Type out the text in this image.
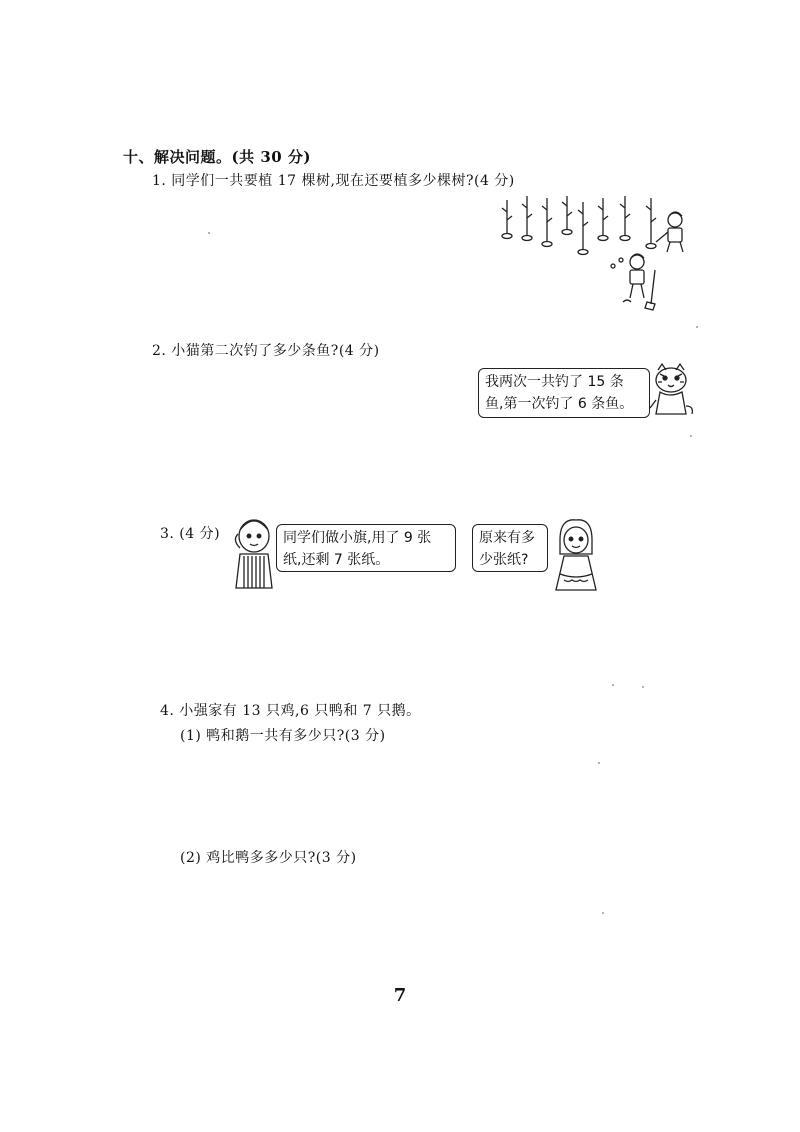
十、解决问题。(共 30 分)
1. 同学们一共要植 17 棵树,现在还要植多少棵树?(4 分)
2. 小猫第二次钓了多少条鱼?(4 分)
我两次一共钓了 15 条
鱼,第一次钓了 6 条鱼。
3. (4 分)	同学们做小旗,用了 9 张
纸,还剩 7 张纸。
原来有多
少张纸?
4. 小强家有 13 只鸡,6 只鸭和 7 只鹅。
(1) 鸭和鹅一共有多少只?(3 分)
(2) 鸡比鸭多多少只?(3 分)
7
